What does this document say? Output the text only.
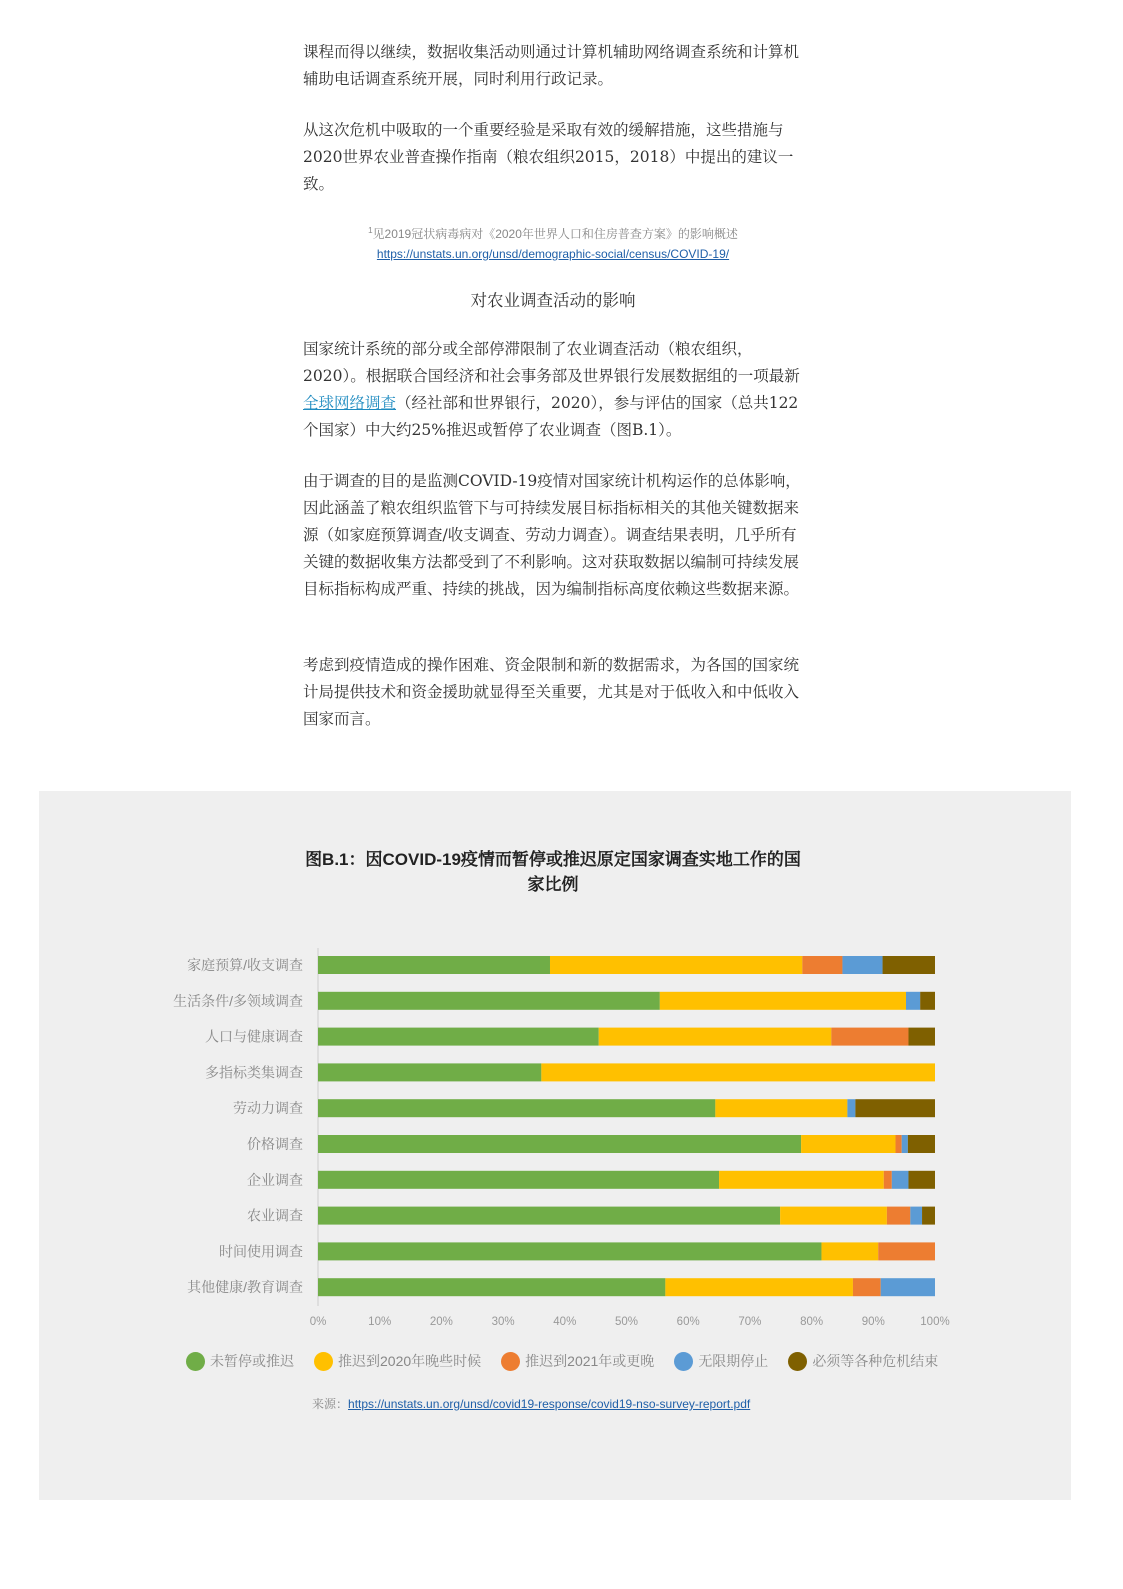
课程而得以继续，数据收集活动则通过计算机辅助网络调查系统和计算机辅助电话调查系统开展，同时利用行政记录。
从这次危机中吸取的一个重要经验是采取有效的缓解措施，这些措施与2020世界农业普查操作指南（粮农组织2015，2018）中提出的建议一致。
$^1$见2019冠状病毒病对《2020年世界人口和住房普查方案》的影响概述
https://unstats.un.org/unsd/demographic-social/census/COVID-19/
对农业调查活动的影响
国家统计系统的部分或全部停滞限制了农业调查活动（粮农组织，2020）。根据联合国经济和社会事务部及世界银行发展数据组的一项最新全球网络调查（经社部和世界银行，2020），参与评估的国家（总共122个国家）中大约25%推迟或暂停了农业调查（图B.1）。
由于调查的目的是监测COVID-19疫情对国家统计机构运作的总体影响，因此涵盖了粮农组织监管下与可持续发展目标指标相关的其他关键数据来源（如家庭预算调查/收支调查、劳动力调查）。调查结果表明，几乎所有关键的数据收集方法都受到了不利影响。这对获取数据以编制可持续发展目标指标构成严重、持续的挑战，因为编制指标高度依赖这些数据来源。
考虑到疫情造成的操作困难、资金限制和新的数据需求，为各国的国家统计局提供技术和资金援助就显得至关重要，尤其是对于低收入和中低收入国家而言。
图B.1：因COVID-19疫情而暂停或推迟原定国家调查实地工作的国
家比例
家庭预算/收支调查
生活条件/多领域调查
人口与健康调查
多指标类集调查
劳动力调查
价格调查
企业调查
农业调查
时间使用调查
其他健康/教育调查
0%	10%	20%	30%	40%	50%	60%	70%	80%	90%	100%
未暂停或推迟	推迟到2020年晚些时候	推迟到2021年或更晚	无限期停止	必须等各种危机结束
来源：https://unstats.un.org/unsd/covid19-response/covid19-nso-survey-report.pdf
